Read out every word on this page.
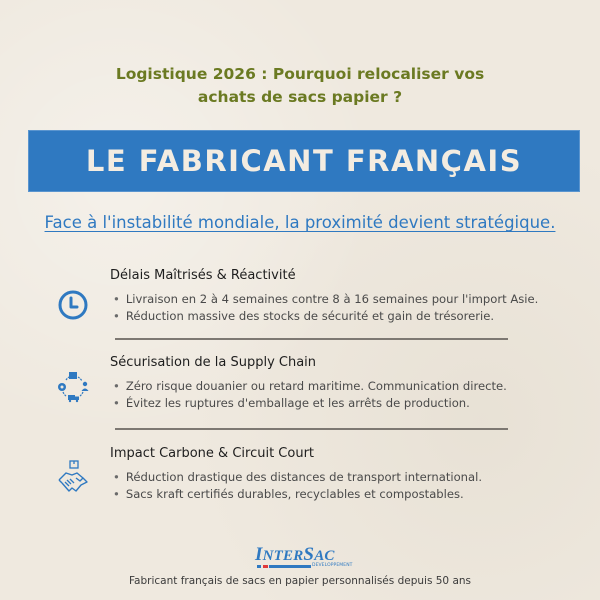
Logistique 2026 : Pourquoi relocaliser vos
achats de sacs papier ?
LE FABRICANT FRANÇAIS
Face à l'instabilité mondiale, la proximité devient stratégique.
Délais Maîtrisés & Réactivité
• Livraison en 2 à 4 semaines contre 8 à 16 semaines pour l'import Asie.
• Réduction massive des stocks de sécurité et gain de trésorerie.
Sécurisation de la Supply Chain
• Zéro risque douanier ou retard maritime. Communication directe.
• Évitez les ruptures d'emballage et les arrêts de production.
Impact Carbone & Circuit Court
• Réduction drastique des distances de transport international.
• Sacs kraft certifiés durables, recyclables et compostables.
INTERSAC
DEVELOPPEMENT
Fabricant français de sacs en papier personnalisés depuis 50 ans
